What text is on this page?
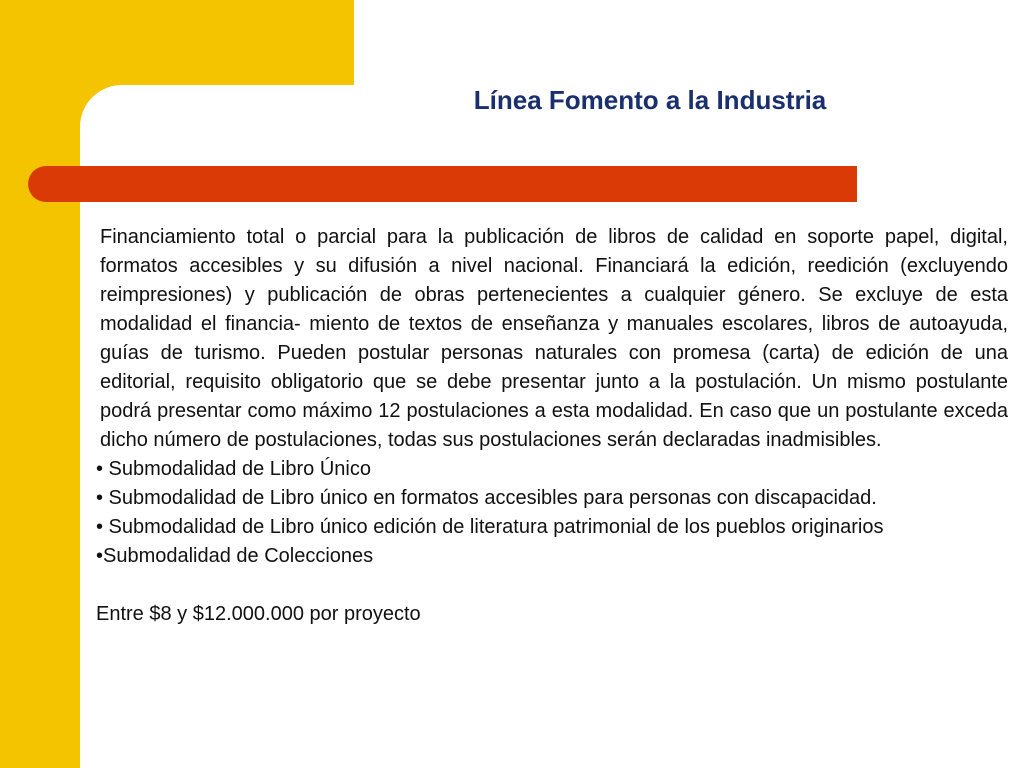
Línea Fomento a la Industria

Financiamiento total o parcial para la publicación de libros de calidad en soporte papel, digital, formatos accesibles y su difusión a nivel nacional. Financiará la edición, reedición (excluyendo reimpresiones) y publicación de obras pertenecientes a cualquier género. Se excluye de esta modalidad el financia- miento de textos de enseñanza y manuales escolares, libros de autoayuda, guías de turismo. Pueden postular personas naturales con promesa (carta) de edición de una editorial, requisito obligatorio que se debe presentar junto a la postulación. Un mismo postulante podrá presentar como máximo 12 postulaciones a esta modalidad. En caso que un postulante exceda dicho número de postulaciones, todas sus postulaciones serán declaradas inadmisibles.

• Submodalidad de Libro Único

• Submodalidad de Libro único en formatos accesibles para personas con discapacidad.

• Submodalidad de Libro único edición de literatura patrimonial de los pueblos originarios

•Submodalidad de Colecciones

Entre $8 y $12.000.000 por proyecto
